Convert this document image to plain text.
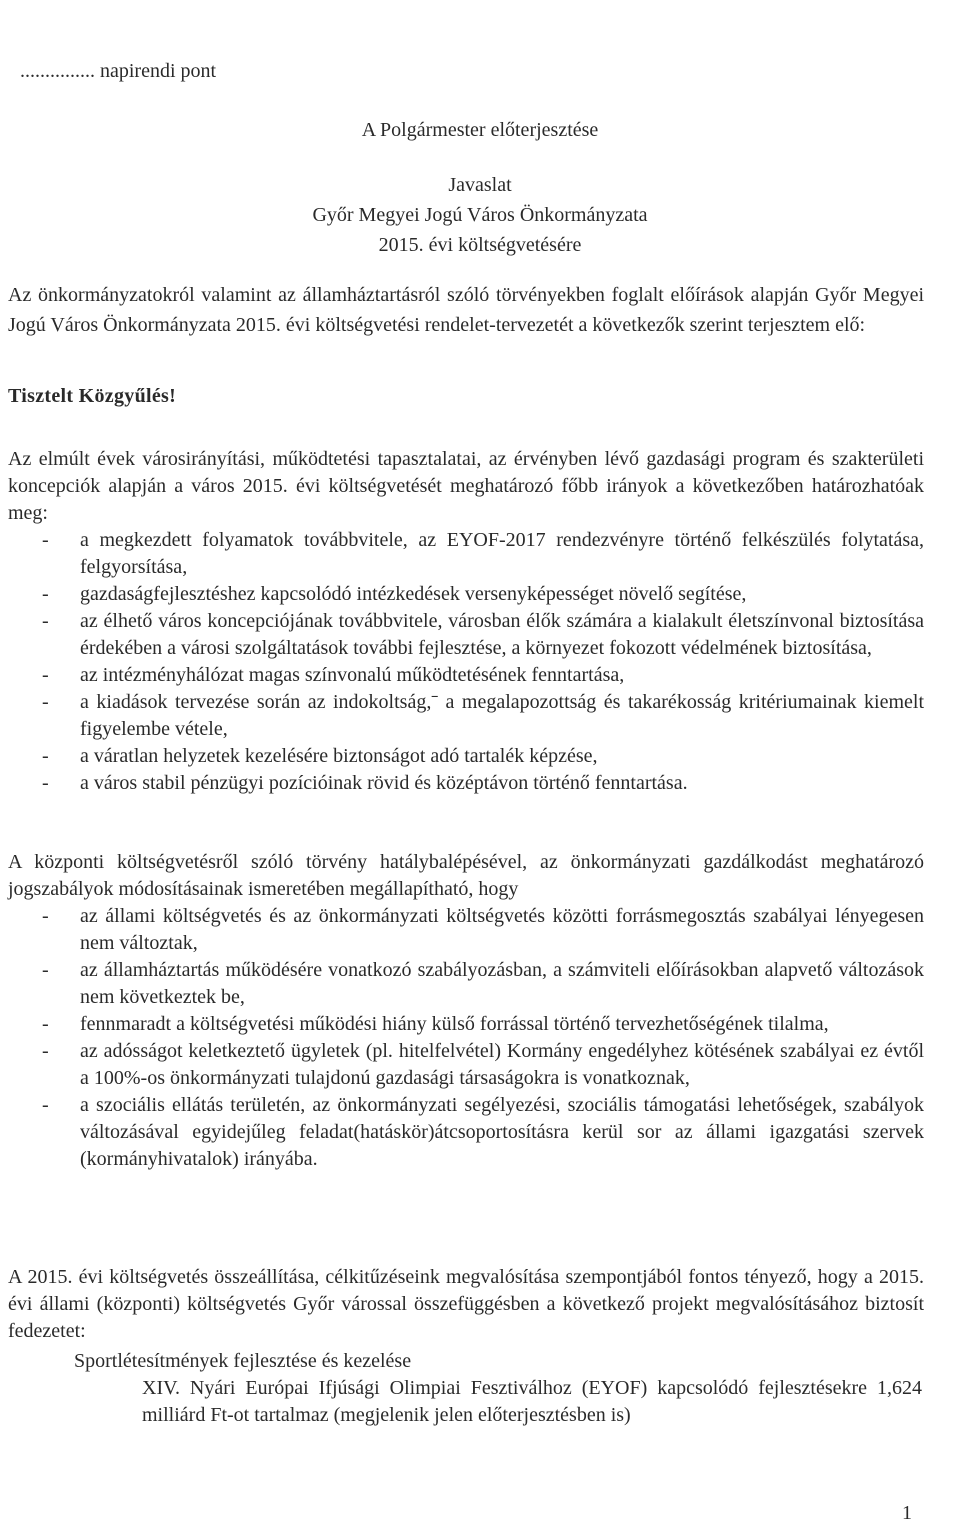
............... napirendi pont
A Polgármester előterjesztése
Javaslat
Győr Megyei Jogú Város Önkormányzata
2015. évi költségvetésére
Az önkormányzatokról valamint az államháztartásról szóló törvényekben foglalt előírások alapján Győr Megyei Jogú Város Önkormányzata 2015. évi költségvetési rendelet-tervezetét a következők szerint terjesztem elő:
Tisztelt Közgyűlés!
Az elmúlt évek városirányítási, működtetési tapasztalatai, az érvényben lévő gazdasági program és szakterületi koncepciók alapján a város 2015. évi költségvetését meghatározó főbb irányok a következőben határozhatóak meg:
- a megkezdett folyamatok továbbvitele, az EYOF-2017 rendezvényre történő felkészülés folytatása, felgyorsítása,
- gazdaságfejlesztéshez kapcsolódó intézkedések versenyképességet növelő segítése,
- az élhető város koncepciójának továbbvitele, városban élők számára a kialakult életszínvonal biztosítása érdekében a városi szolgáltatások további fejlesztése, a környezet fokozott védelmének biztosítása,
- az intézményhálózat magas színvonalú működtetésének fenntartása,
- a kiadások tervezése során az indokoltság,ˉ a megalapozottság és takarékosság kritériumainak kiemelt figyelembe vétele,
- a váratlan helyzetek kezelésére biztonságot adó tartalék képzése,
- a város stabil pénzügyi pozícióinak rövid és középtávon történő fenntartása.
A központi költségvetésről szóló törvény hatálybalépésével, az önkormányzati gazdálkodást meghatározó jogszabályok módosításainak ismeretében megállapítható, hogy
- az állami költségvetés és az önkormányzati költségvetés közötti forrásmegosztás szabályai lényegesen nem változtak,
- az államháztartás működésére vonatkozó szabályozásban, a számviteli előírásokban alapvető változások nem következtek be,
- fennmaradt a költségvetési működési hiány külső forrással történő tervezhetőségének tilalma,
- az adósságot keletkeztető ügyletek (pl. hitelfelvétel) Kormány engedélyhez kötésének szabályai ez évtől a 100%-os önkormányzati tulajdonú gazdasági társaságokra is vonatkoznak,
- a szociális ellátás területén, az önkormányzati segélyezési, szociális támogatási lehetőségek, szabályok változásával egyidejűleg feladat(hatáskör)átcsoportosításra kerül sor az állami igazgatási szervek (kormányhivatalok) irányába.
A 2015. évi költségvetés összeállítása, célkitűzéseink megvalósítása szempontjából fontos tényező, hogy a 2015. évi állami (központi) költségvetés Győr várossal összefüggésben a következő projekt megvalósításához biztosít fedezetet:
Sportlétesítmények fejlesztése és kezelése
XIV. Nyári Európai Ifjúsági Olimpiai Fesztiválhoz (EYOF) kapcsolódó fejlesztésekre 1,624 milliárd Ft-ot tartalmaz (megjelenik jelen előterjesztésben is)
1
